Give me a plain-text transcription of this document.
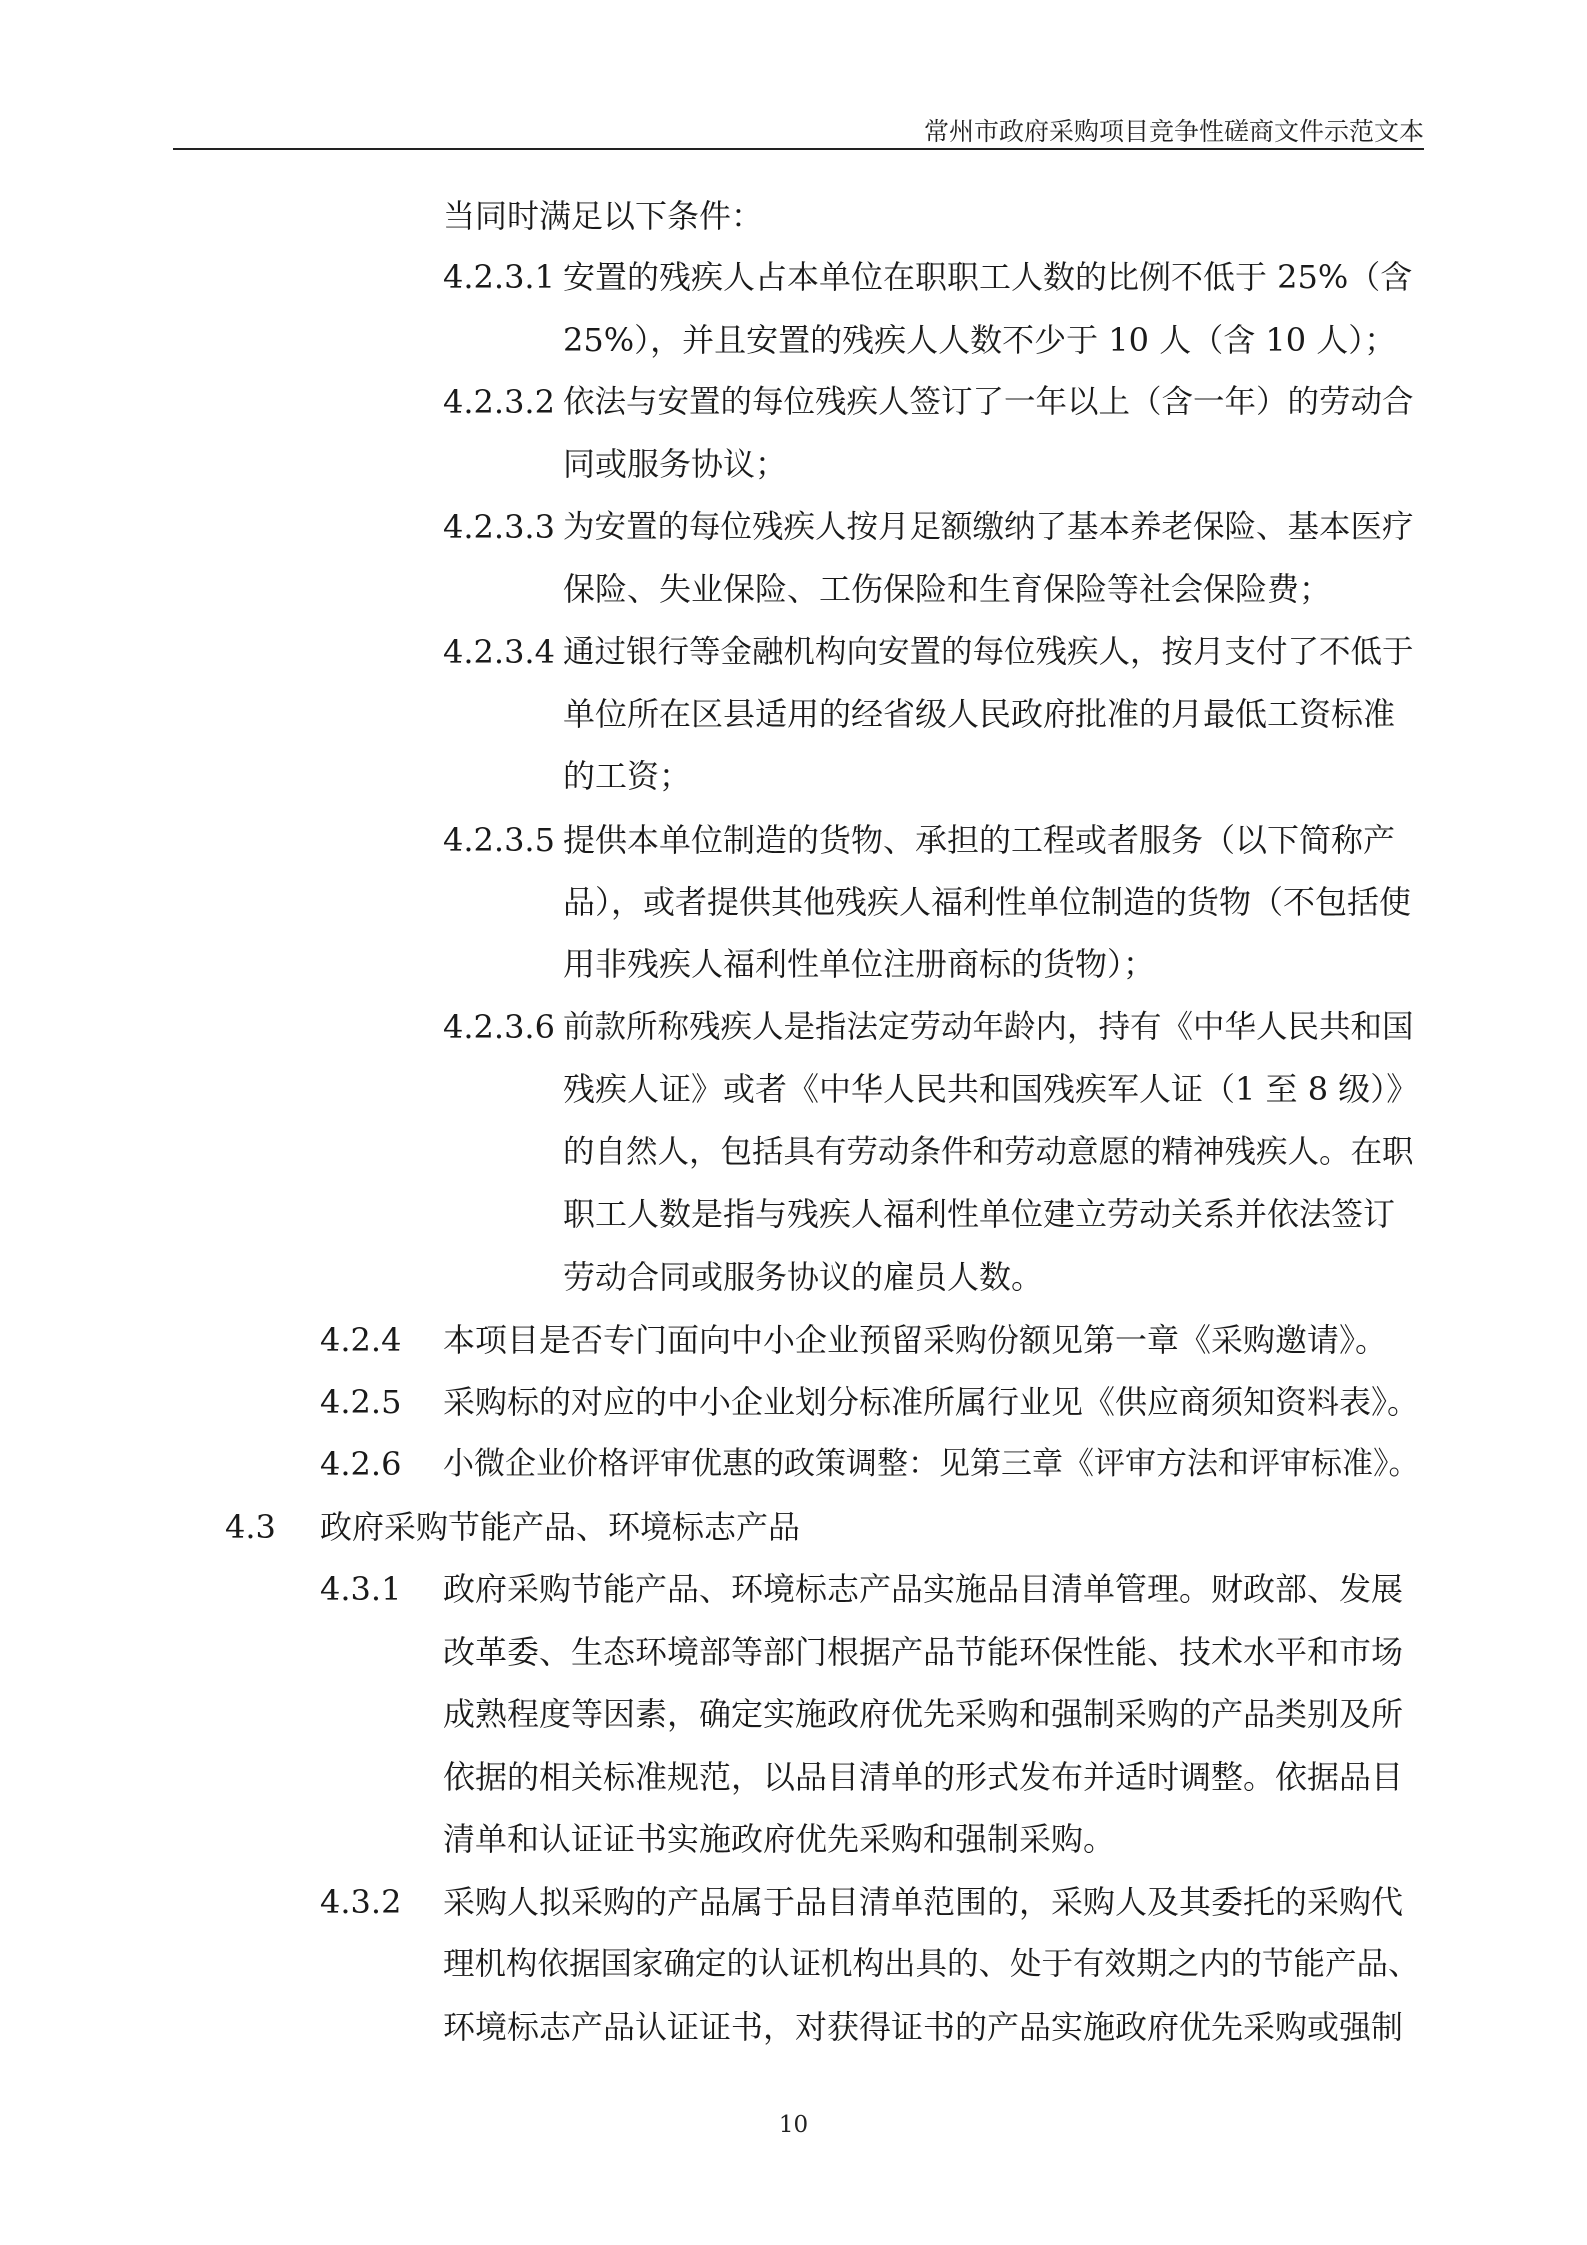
常州市政府采购项目竞争性磋商文件示范文本
当同时满足以下条件：
4.2.3.1 安置的残疾人占本单位在职职工人数的比例不低于 25%（含
25%），并且安置的残疾人人数不少于 10 人（含 10 人）；
4.2.3.2 依法与安置的每位残疾人签订了一年以上（含一年）的劳动合
同或服务协议；
4.2.3.3 为安置的每位残疾人按月足额缴纳了基本养老保险、基本医疗
保险、失业保险、工伤保险和生育保险等社会保险费；
4.2.3.4 通过银行等金融机构向安置的每位残疾人，按月支付了不低于
单位所在区县适用的经省级人民政府批准的月最低工资标准
的工资；
4.2.3.5 提供本单位制造的货物、承担的工程或者服务（以下简称产
品），或者提供其他残疾人福利性单位制造的货物（不包括使
用非残疾人福利性单位注册商标的货物）；
4.2.3.6 前款所称残疾人是指法定劳动年龄内，持有《中华人民共和国
残疾人证》或者《中华人民共和国残疾军人证（1 至 8 级）》
的自然人，包括具有劳动条件和劳动意愿的精神残疾人。在职
职工人数是指与残疾人福利性单位建立劳动关系并依法签订
劳动合同或服务协议的雇员人数。
4.2.4 本项目是否专门面向中小企业预留采购份额见第一章《采购邀请》。
4.2.5 采购标的对应的中小企业划分标准所属行业见《供应商须知资料表》。
4.2.6 小微企业价格评审优惠的政策调整：见第三章《评审方法和评审标准》。
4.3 政府采购节能产品、环境标志产品
4.3.1 政府采购节能产品、环境标志产品实施品目清单管理。财政部、发展
改革委、生态环境部等部门根据产品节能环保性能、技术水平和市场
成熟程度等因素，确定实施政府优先采购和强制采购的产品类别及所
依据的相关标准规范，以品目清单的形式发布并适时调整。依据品目
清单和认证证书实施政府优先采购和强制采购。
4.3.2 采购人拟采购的产品属于品目清单范围的，采购人及其委托的采购代
理机构依据国家确定的认证机构出具的、处于有效期之内的节能产品、
环境标志产品认证证书，对获得证书的产品实施政府优先采购或强制
10
